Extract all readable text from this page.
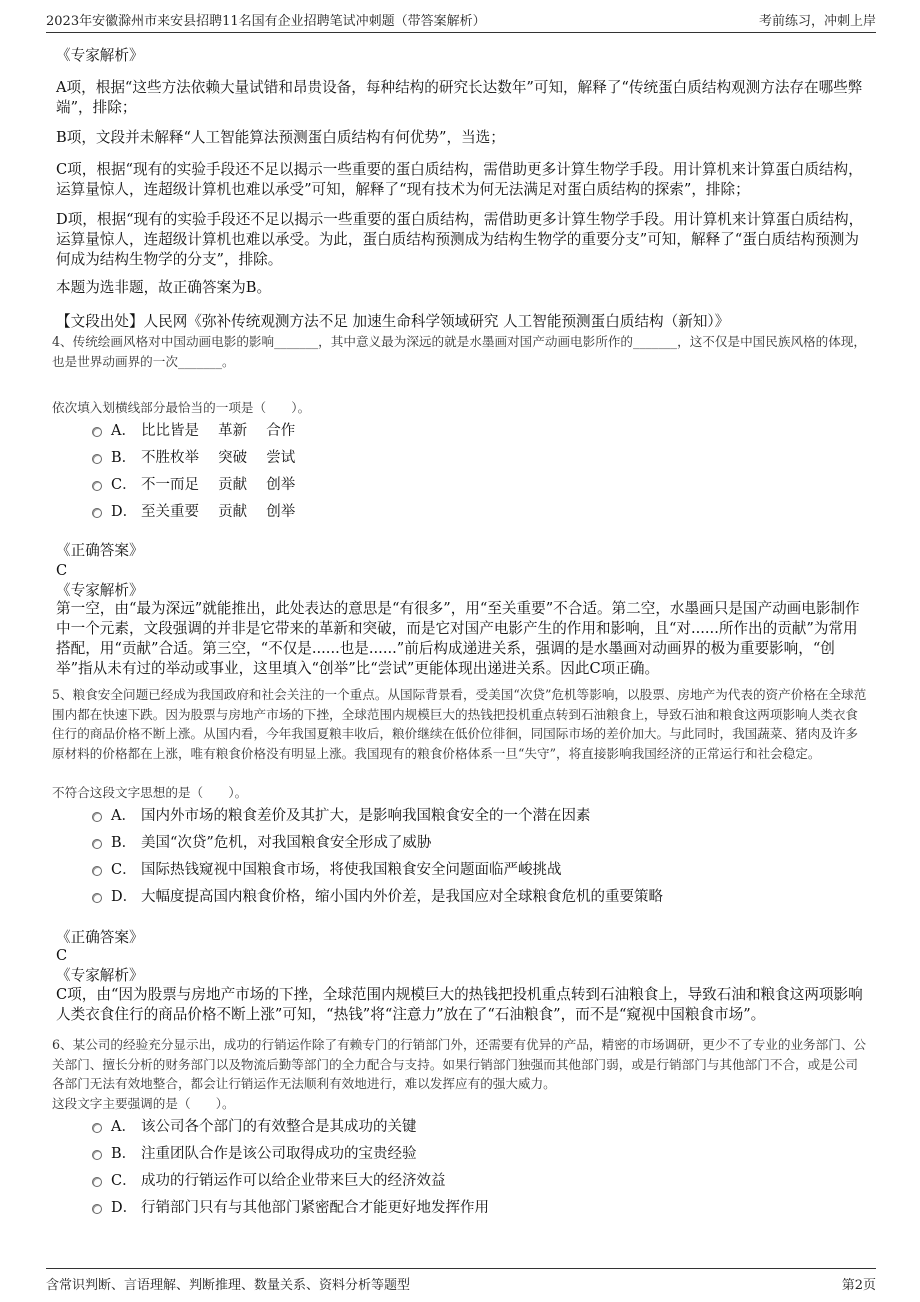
2023年安徽滁州市来安县招聘11名国有企业招聘笔试冲刺题（带答案解析）	考前练习，冲刺上岸
《专家解析》

A项，根据“这些方法依赖大量试错和昂贵设备，每种结构的研究长达数年”可知，解释了“传统蛋白质结构观测方法存在哪些弊端”，排除；

B项，文段并未解释“人工智能算法预测蛋白质结构有何优势”，当选；

C项，根据“现有的实验手段还不足以揭示一些重要的蛋白质结构，需借助更多计算生物学手段。用计算机来计算蛋白质结构，运算量惊人，连超级计算机也难以承受”可知，解释了“现有技术为何无法满足对蛋白质结构的探索”，排除；

D项，根据“现有的实验手段还不足以揭示一些重要的蛋白质结构，需借助更多计算生物学手段。用计算机来计算蛋白质结构，运算量惊人，连超级计算机也难以承受。为此，蛋白质结构预测成为结构生物学的重要分支”可知，解释了“蛋白质结构预测为何成为结构生物学的分支”，排除。

本题为选非题，故正确答案为B。

【文段出处】人民网《弥补传统观测方法不足 加速生命科学领域研究 人工智能预测蛋白质结构（新知）》

4、传统绘画风格对中国动画电影的影响_______，其中意义最为深远的就是水墨画对国产动画电影所作的_______，这不仅是中国民族风格的体现，也是世界动画界的一次_______。

依次填入划横线部分最恰当的一项是（　　）。

A． 比比皆是　 革新　 合作
B． 不胜枚举　 突破　 尝试
C． 不一而足　 贡献　 创举
D． 至关重要　 贡献　 创举
《正确答案》
C
《专家解析》

第一空，由“最为深远”就能推出，此处表达的意思是“有很多”，用“至关重要”不合适。第二空，水墨画只是国产动画电影制作中一个元素，文段强调的并非是它带来的革新和突破，而是它对国产电影产生的作用和影响，且“对......所作出的贡献”为常用搭配，用“贡献”合适。第三空，“不仅是......也是......”前后构成递进关系，强调的是水墨画对动画界的极为重要影响，“创举”指从未有过的举动或事业，这里填入“创举”比“尝试”更能体现出递进关系。因此C项正确。

5、粮食安全问题已经成为我国政府和社会关注的一个重点。从国际背景看，受美国“次贷”危机等影响，以股票、房地产为代表的资产价格在全球范围内都在快速下跌。因为股票与房地产市场的下挫，全球范围内规模巨大的热钱把投机重点转到石油粮食上，导致石油和粮食这两项影响人类衣食住行的商品价格不断上涨。从国内看，今年我国夏粮丰收后，粮价继续在低价位徘徊，同国际市场的差价加大。与此同时，我国蔬菜、猪肉及许多原材料的价格都在上涨，唯有粮食价格没有明显上涨。我国现有的粮食价格体系一旦“失守”，将直接影响我国经济的正常运行和社会稳定。

不符合这段文字思想的是（　　）。

A． 国内外市场的粮食差价及其扩大，是影响我国粮食安全的一个潜在因素
B． 美国“次贷”危机，对我国粮食安全形成了威胁
C． 国际热钱窥视中国粮食市场，将使我国粮食安全问题面临严峻挑战
D． 大幅度提高国内粮食价格，缩小国内外价差，是我国应对全球粮食危机的重要策略
《正确答案》
C
《专家解析》

C项，由“因为股票与房地产市场的下挫，全球范围内规模巨大的热钱把投机重点转到石油粮食上，导致石油和粮食这两项影响人类衣食住行的商品价格不断上涨”可知，“热钱”将“注意力”放在了“石油粮食”，而不是“窥视中国粮食市场”。

6、某公司的经验充分显示出，成功的行销运作除了有赖专门的行销部门外，还需要有优异的产品，精密的市场调研，更少不了专业的业务部门、公关部门、擅长分析的财务部门以及物流后勤等部门的全力配合与支持。如果行销部门独强而其他部门弱，或是行销部门与其他部门不合，或是公司各部门无法有效地整合，都会让行销运作无法顺利有效地进行，难以发挥应有的强大威力。

这段文字主要强调的是（　　）。

A． 该公司各个部门的有效整合是其成功的关键
B． 注重团队合作是该公司取得成功的宝贵经验
C． 成功的行销运作可以给企业带来巨大的经济效益
D． 行销部门只有与其他部门紧密配合才能更好地发挥作用
含常识判断、言语理解、判断推理、数量关系、资料分析等题型	第2页
